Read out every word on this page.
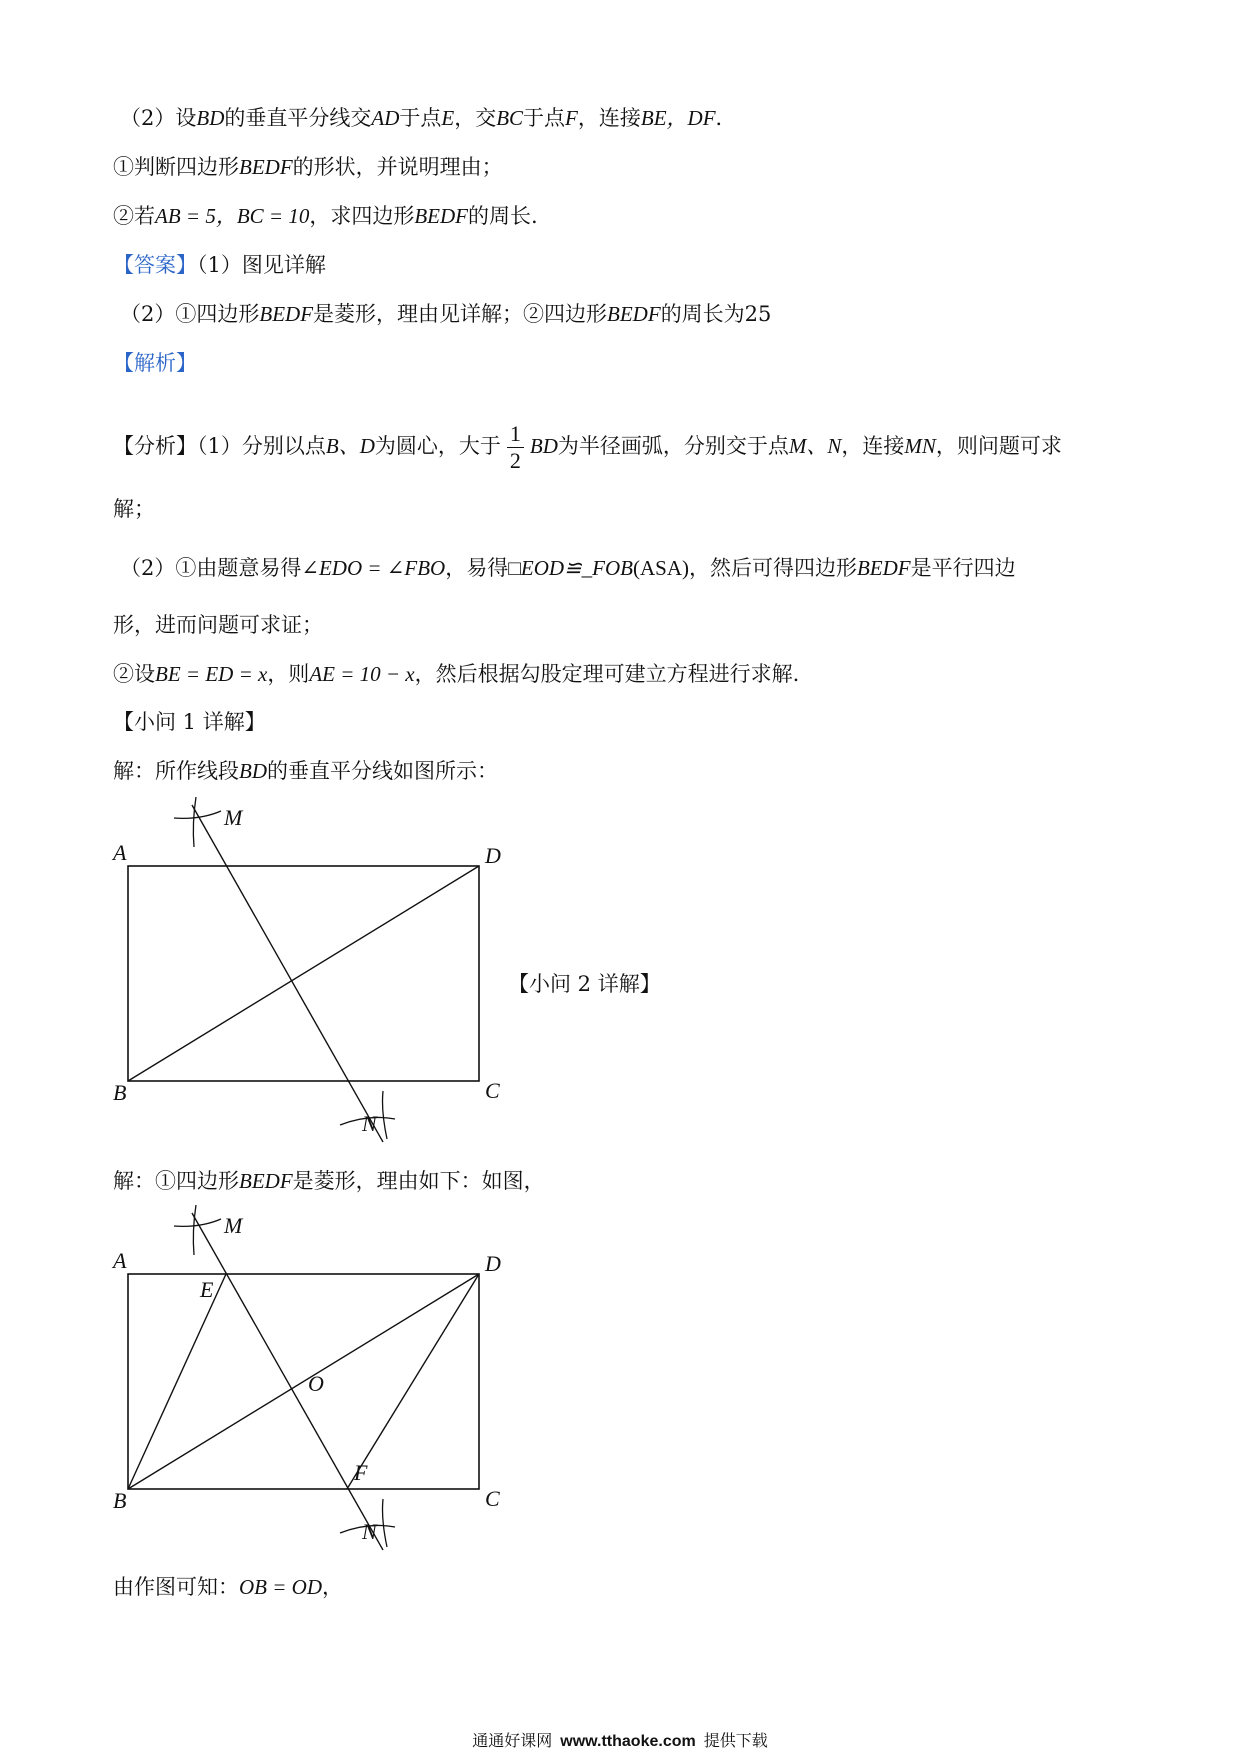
（2）设BD的垂直平分线交AD于点E，交BC于点F，连接BE，DF．
①判断四边形BEDF的形状，并说明理由；
②若AB = 5，BC = 10，求四边形BEDF的周长.
【答案】（1）图见详解
（2）①四边形BEDF是菱形，理由见详解；②四边形BEDF的周长为25
【解析】
【分析】（1）分别以点B、D为圆心，大于 $\frac{1}{2}$ BD为半径画弧，分别交于点M、N，连接MN，则问题可求
解；
（2）①由题意易得∠EDO = ∠FBO，易得□EOD≌_FOB(ASA)，然后可得四边形BEDF是平行四边
形，进而问题可求证；
②设BE = ED = x，则AE = 10 − x，然后根据勾股定理可建立方程进行求解.
【小问 1 详解】
解：所作线段BD的垂直平分线如图所示：
A	D
B	C
M
N
【小问 2 详解】
解：①四边形BEDF是菱形，理由如下：如图，
A	D
B	C
M
N
E
O
F
由作图可知：OB = OD，
通通好课网 www.tthaoke.com 提供下载
